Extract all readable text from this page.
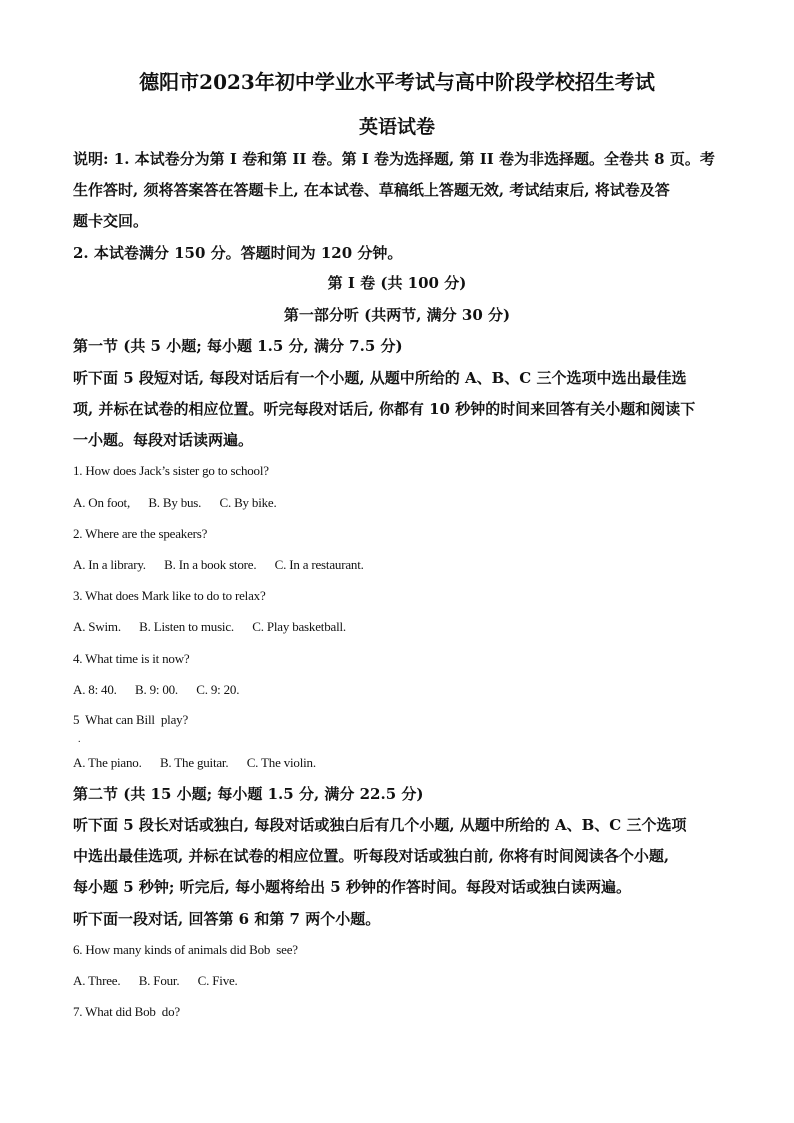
德阳市2023年初中学业水平考试与高中阶段学校招生考试
英语试卷
说明: 1. 本试卷分为第 I 卷和第 II 卷。第 I 卷为选择题, 第 II 卷为非选择题。全卷共 8 页。考
生作答时, 须将答案答在答题卡上, 在本试卷、草稿纸上答题无效, 考试结束后, 将试卷及答
题卡交回。
2. 本试卷满分 150 分。答题时间为 120 分钟。
第 I 卷 (共 100 分)
第一部分听 (共两节, 满分 30 分)
第一节 (共 5 小题; 每小题 1.5 分, 满分 7.5 分)
听下面 5 段短对话, 每段对话后有一个小题, 从题中所给的 A、B、C 三个选项中选出最佳选
项, 并标在试卷的相应位置。听完每段对话后, 你都有 10 秒钟的时间来回答有关小题和阅读下
一小题。每段对话读两遍。
1. How does Jack’s sister go to school?
A. On foot,      B. By bus.      C. By bike.
2. Where are the speakers?
A. In a library.      B. In a book store.      C. In a restaurant.
3. What does Mark like to do to relax?
A. Swim.      B. Listen to music.      C. Play basketball.
4. What time is it now?
A. 8: 40.      B. 9: 00.      C. 9: 20.
5  What can Bill  play?
.
A. The piano.      B. The guitar.      C. The violin.
第二节 (共 15 小题; 每小题 1.5 分, 满分 22.5 分)
听下面 5 段长对话或独白, 每段对话或独白后有几个小题, 从题中所给的 A、B、C 三个选项
中选出最佳选项, 并标在试卷的相应位置。听每段对话或独白前, 你将有时间阅读各个小题,
每小题 5 秒钟; 听完后, 每小题将给出 5 秒钟的作答时间。每段对话或独白读两遍。
听下面一段对话, 回答第 6 和第 7 两个小题。
6. How many kinds of animals did Bob  see?
A. Three.      B. Four.      C. Five.
7. What did Bob  do?
